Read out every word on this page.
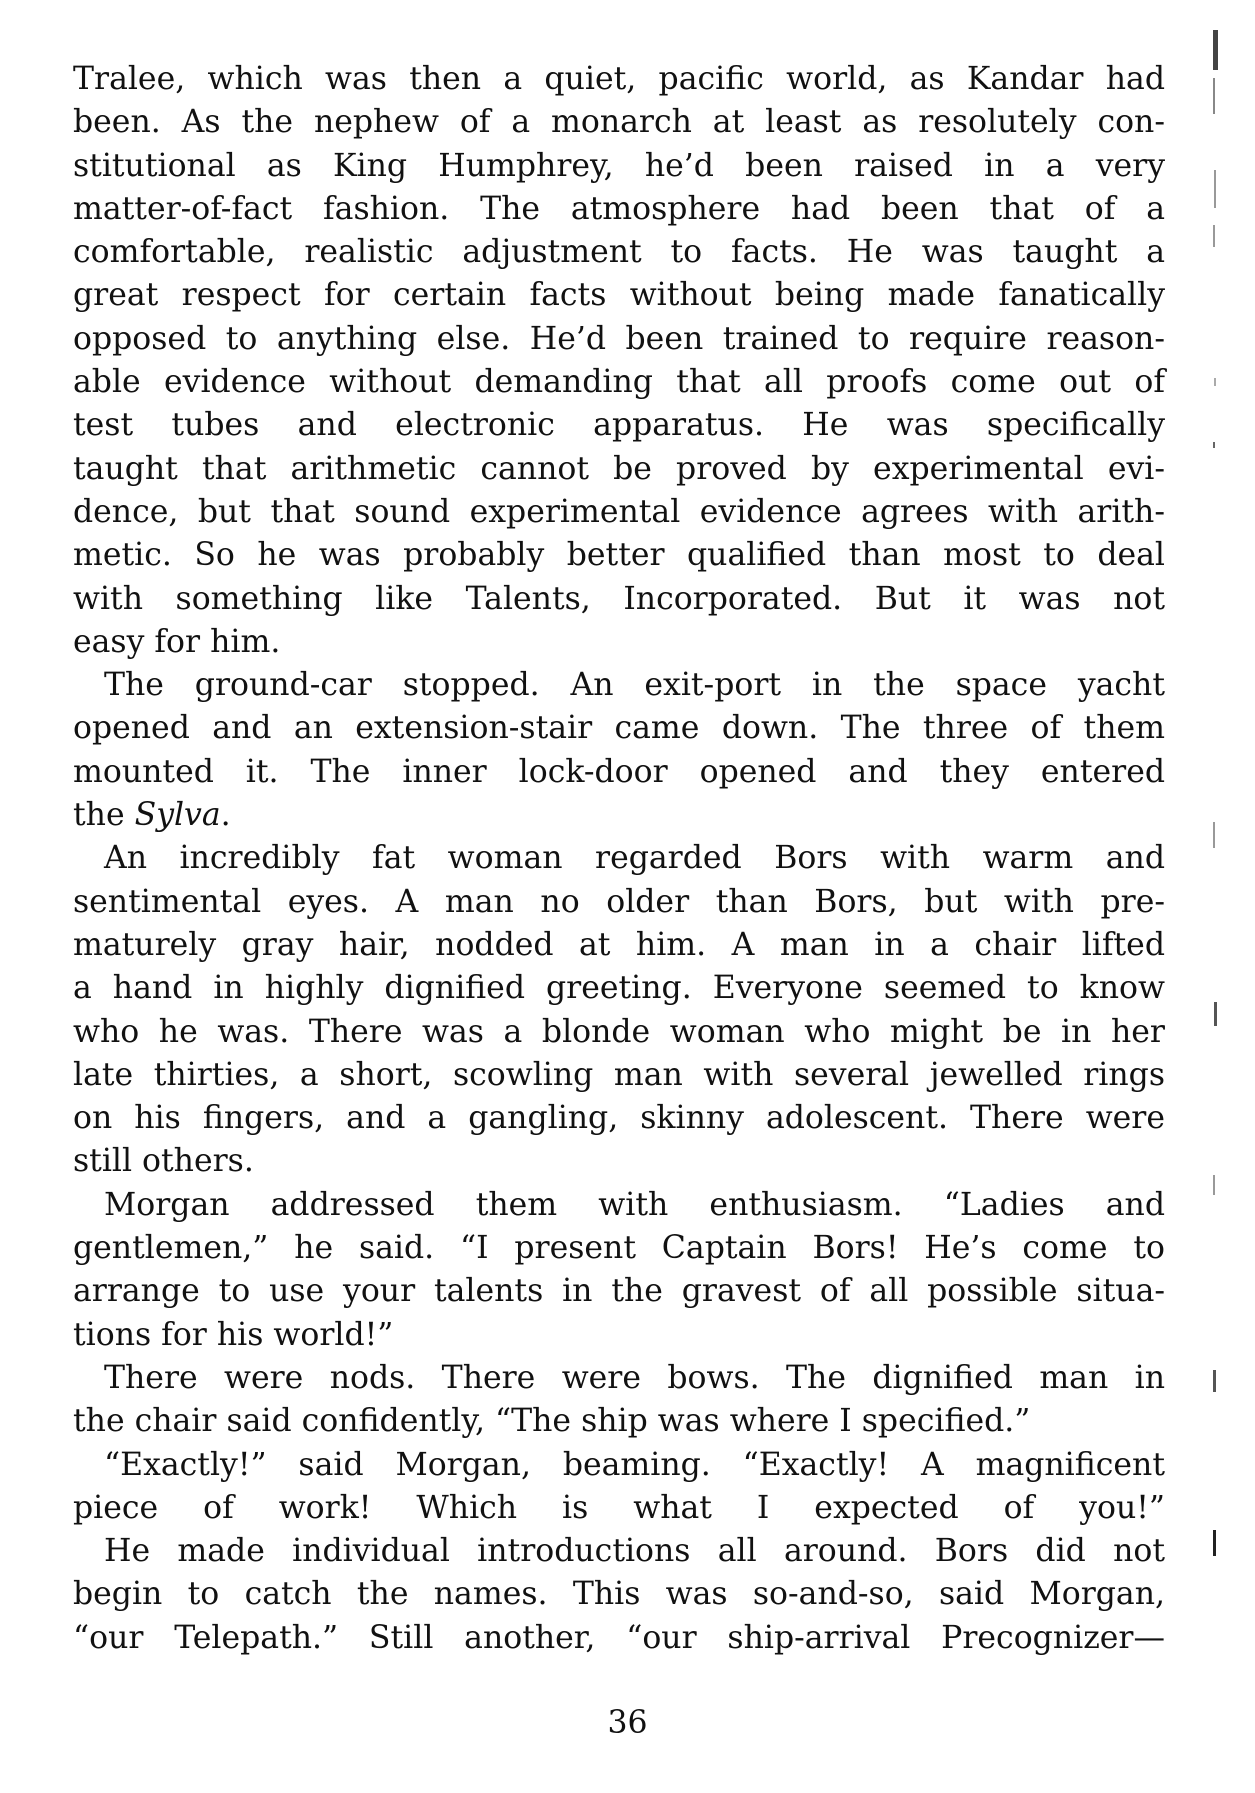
Tralee, which was then a quiet, pacific world, as Kandar had
been. As the nephew of a monarch at least as resolutely con-
stitutional as King Humphrey, he’d been raised in a very
matter-of-fact fashion. The atmosphere had been that of a
comfortable, realistic adjustment to facts. He was taught a
great respect for certain facts without being made fanatically
opposed to anything else. He’d been trained to require reason-
able evidence without demanding that all proofs come out of
test tubes and electronic apparatus. He was specifically
taught that arithmetic cannot be proved by experimental evi-
dence, but that sound experimental evidence agrees with arith-
metic. So he was probably better qualified than most to deal
with something like Talents, Incorporated. But it was not
easy for him.
The ground-car stopped. An exit-port in the space yacht
opened and an extension-stair came down. The three of them
mounted it. The inner lock-door opened and they entered
the Sylva.
An incredibly fat woman regarded Bors with warm and
sentimental eyes. A man no older than Bors, but with pre-
maturely gray hair, nodded at him. A man in a chair lifted
a hand in highly dignified greeting. Everyone seemed to know
who he was. There was a blonde woman who might be in her
late thirties, a short, scowling man with several jewelled rings
on his fingers, and a gangling, skinny adolescent. There were
still others.
Morgan addressed them with enthusiasm. “Ladies and
gentlemen,” he said. “I present Captain Bors! He’s come to
arrange to use your talents in the gravest of all possible situa-
tions for his world!”
There were nods. There were bows. The dignified man in
the chair said confidently, “The ship was where I specified.”
“Exactly!” said Morgan, beaming. “Exactly! A magnificent
piece of work! Which is what I expected of you!”
He made individual introductions all around. Bors did not
begin to catch the names. This was so-and-so, said Morgan,
“our Telepath.” Still another, “our ship-arrival Precognizer—
36
